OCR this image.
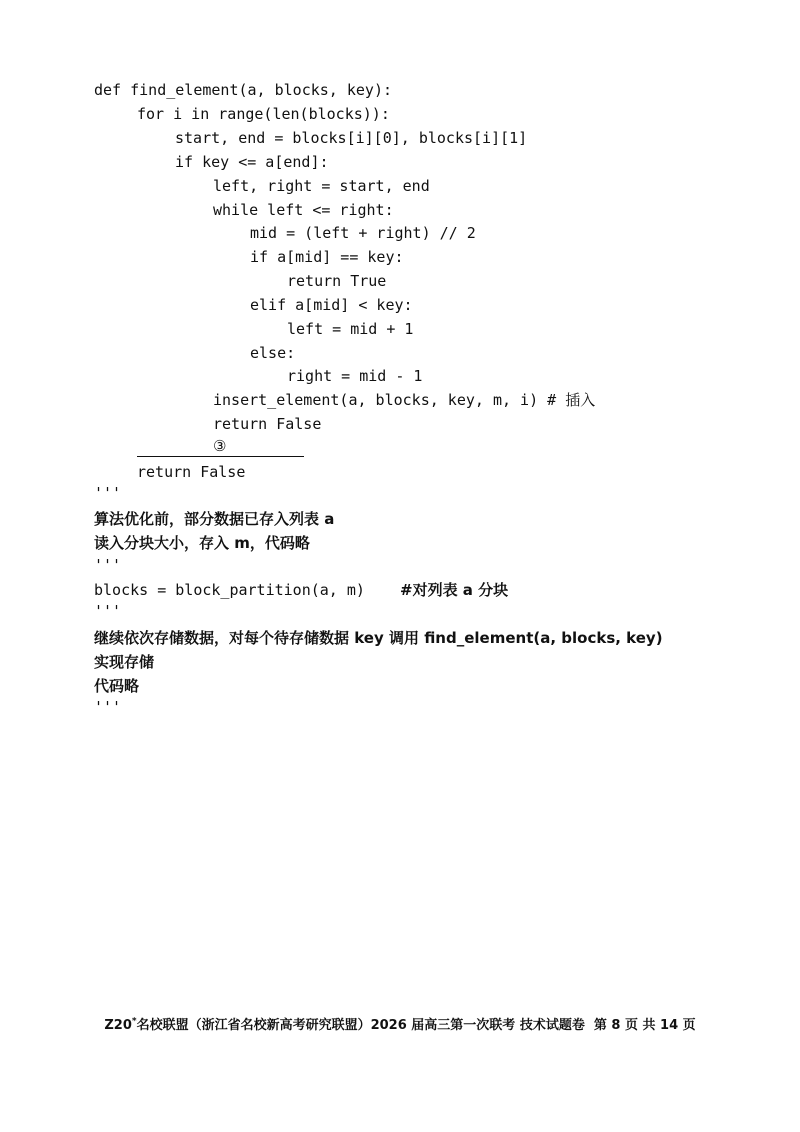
def find_element(a, blocks, key):
for i in range(len(blocks)):
start, end = blocks[i][0], blocks[i][1]
if key <= a[end]:
left, right = start, end
while left <= right:
mid = (left + right) // 2
if a[mid] == key:
return True
elif a[mid] < key:
left = mid + 1
else:
right = mid - 1
insert_element(a, blocks, key, m, i) # 插入
return False
③
return False
'''
算法优化前，部分数据已存入列表 a
读入分块大小，存入 m，代码略
'''
blocks = block_partition(a, m) #对列表 a 分块
'''
继续依次存储数据，对每个待存储数据 key 调用 find_element(a, blocks, key)
实现存储
代码略
'''
Z20*名校联盟（浙江省名校新高考研究联盟）2026 届高三第一次联考 技术试题卷  第 8 页 共 14 页
